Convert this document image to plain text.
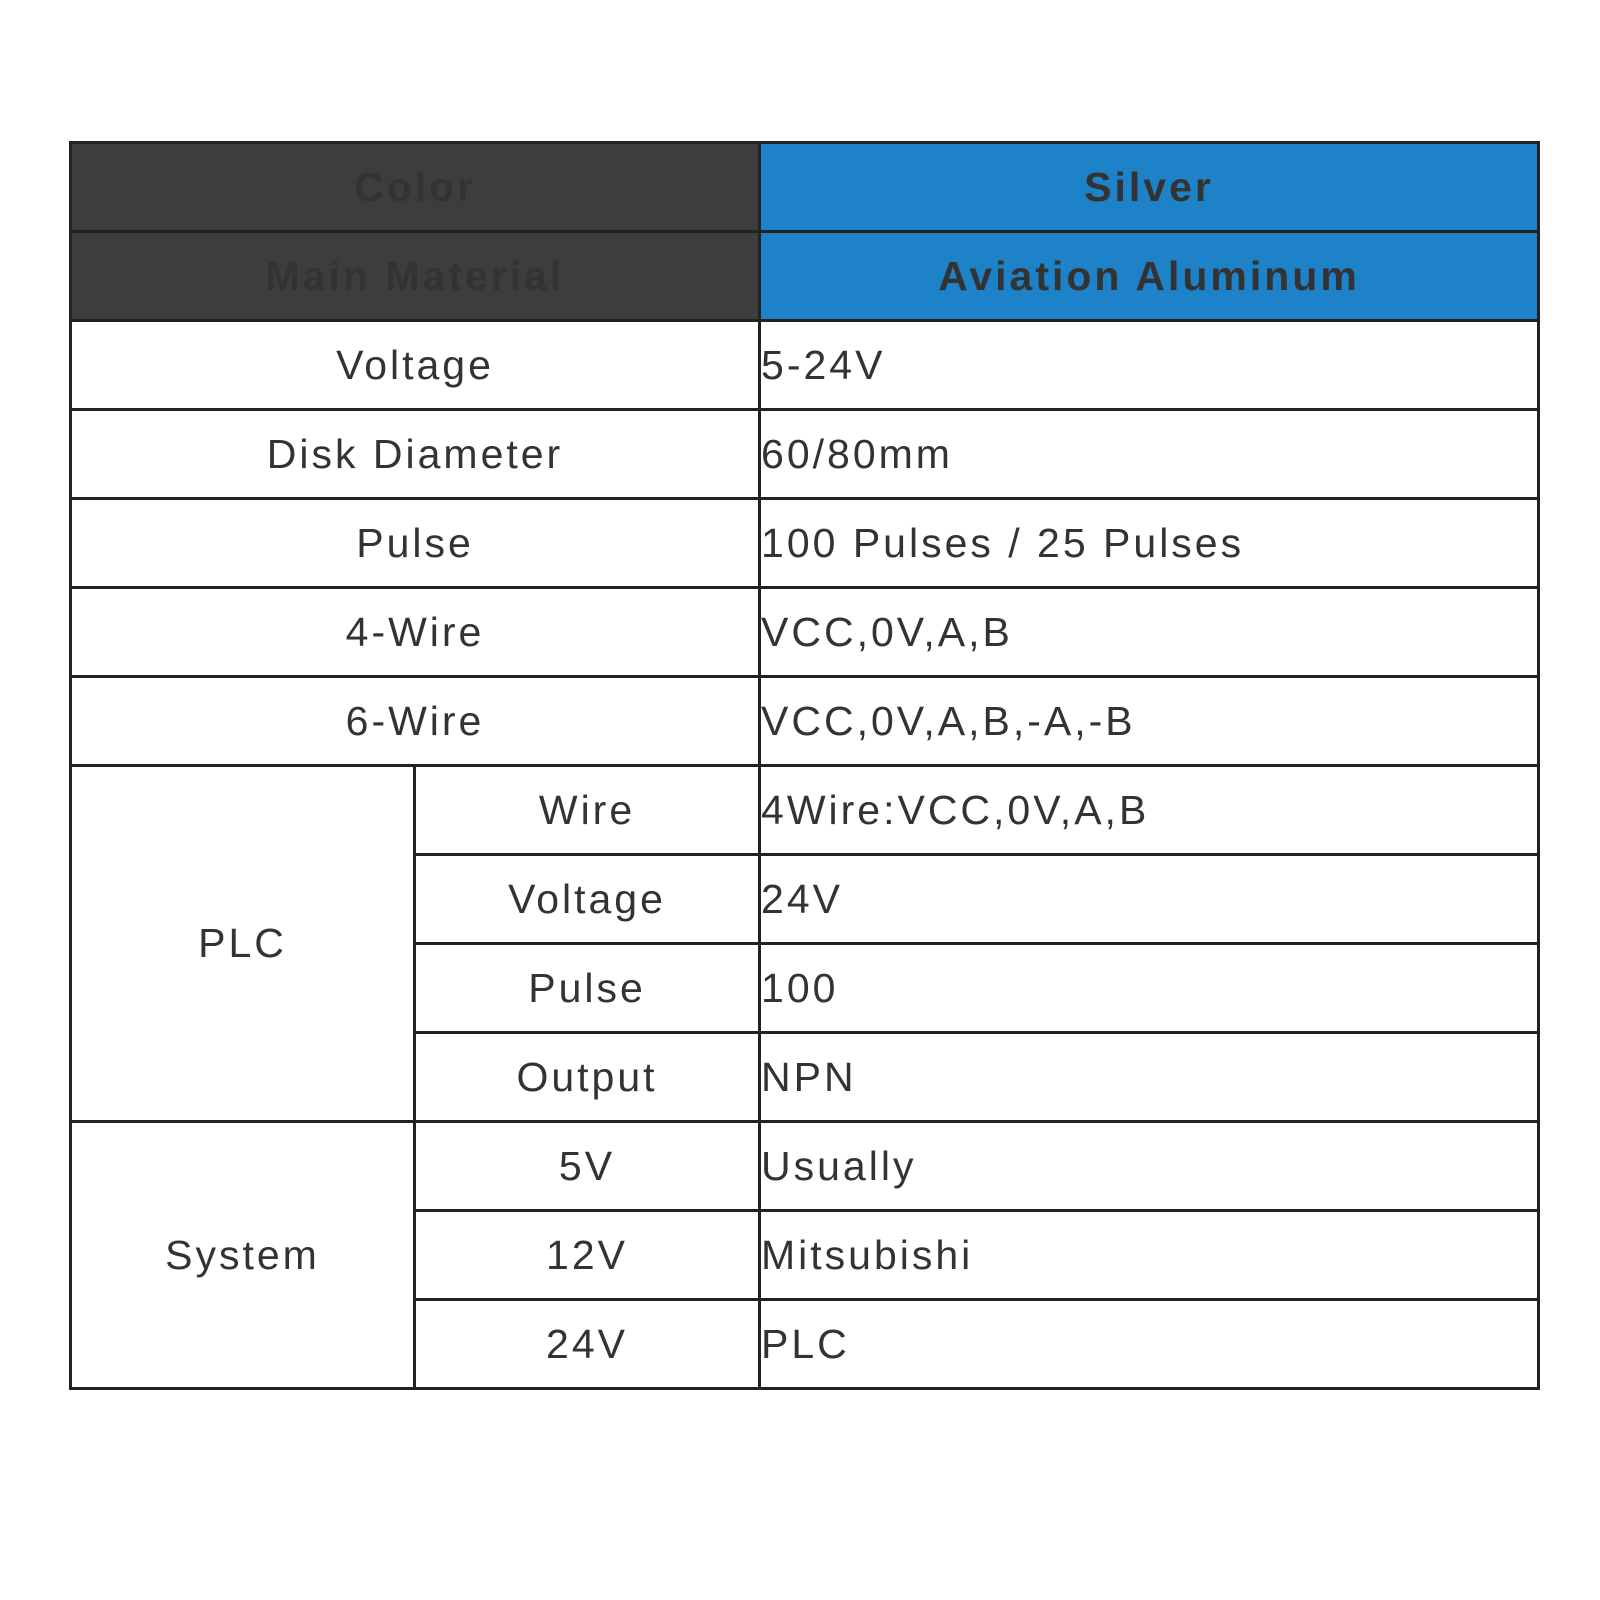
Color		Silver
Main Material		Aviation Aluminum
Voltage		5-24V
Disk Diameter		60/80mm
Pulse		100 Pulses / 25 Pulses
4-Wire		VCC,0V,A,B
6-Wire		VCC,0V,A,B,-A,-B
PLC	Wire	4Wire:VCC,0V,A,B
	Voltage	24V
	Pulse	100
	Output	NPN
System	5V	Usually
	12V	Mitsubishi
	24V	PLC
